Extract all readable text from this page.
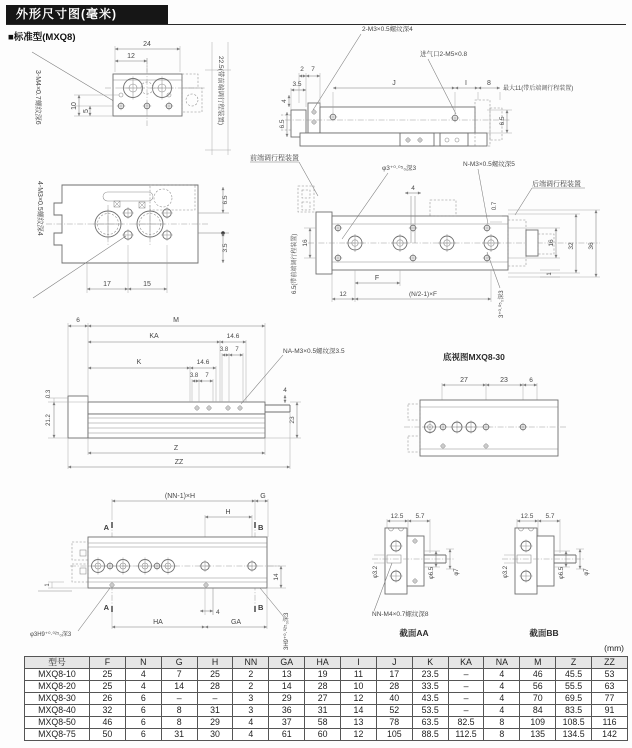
外形尺寸图(毫米)
■标准型(MXQ8)
(mm)
3-M4×0.7螺纹深6
24
12
10
5	22.5(带前端调行程装置)
2-M3×0.5螺纹深4
进气口2-M5×0.8
2 7
3.5
4
6.5
J	I	8
最大11(带后端调行程装置)
6.5
17	15
6.5
3.5
4-M3×0.5螺纹深4
前端调行程装置
4
0.7
φ3⁺⁰·⁰⁵₀深3
N-M3×0.5螺纹深5
后端调行程装置
16	16 32 36
1
F
12	(N/2-1)×F	3⁺⁰·⁰⁵₀深3
6.5(带前端调行程装置)
6	M
KA	14.6
3.8 7
K	14.6
3.8 7
NA-M3×0.5螺纹深3.5
0.3
21.2
4
23
Z
ZZ
底视图MXQ8-30
27	23	6
(NN-1)×H	G
H
A
A
B
B
1
14
4
HA	GA
φ3H9⁺⁰·⁰²⁵₀深3	3H9⁺⁰·⁰²⁵₀深3
12.5 5.7
φ3.2	φ6.5	φ7
NN-M4×0.7螺纹深8
截面AA
12.5 5.7
φ3.2	φ6.5	φ7
截面BB
型号	F	N	G	H	NN	GA	HA	I	J	K	KA	NA	M	Z	ZZ
MXQ8-10	25	4	7	25	2	13	19	11	17	23.5	–	4	46	45.5	53
MXQ8-20	25	4	14	28	2	14	28	10	28	33.5	–	4	56	55.5	63
MXQ8-30	26	6	–	–	3	29	27	12	40	43.5	–	4	70	69.5	77
MXQ8-40	32	6	8	31	3	36	31	14	52	53.5	–	4	84	83.5	91
MXQ8-50	46	6	8	29	4	37	58	13	78	63.5	82.5	8	109	108.5	116
MXQ8-75	50	6	31	30	4	61	60	12	105	88.5	112.5	8	135	134.5	142
